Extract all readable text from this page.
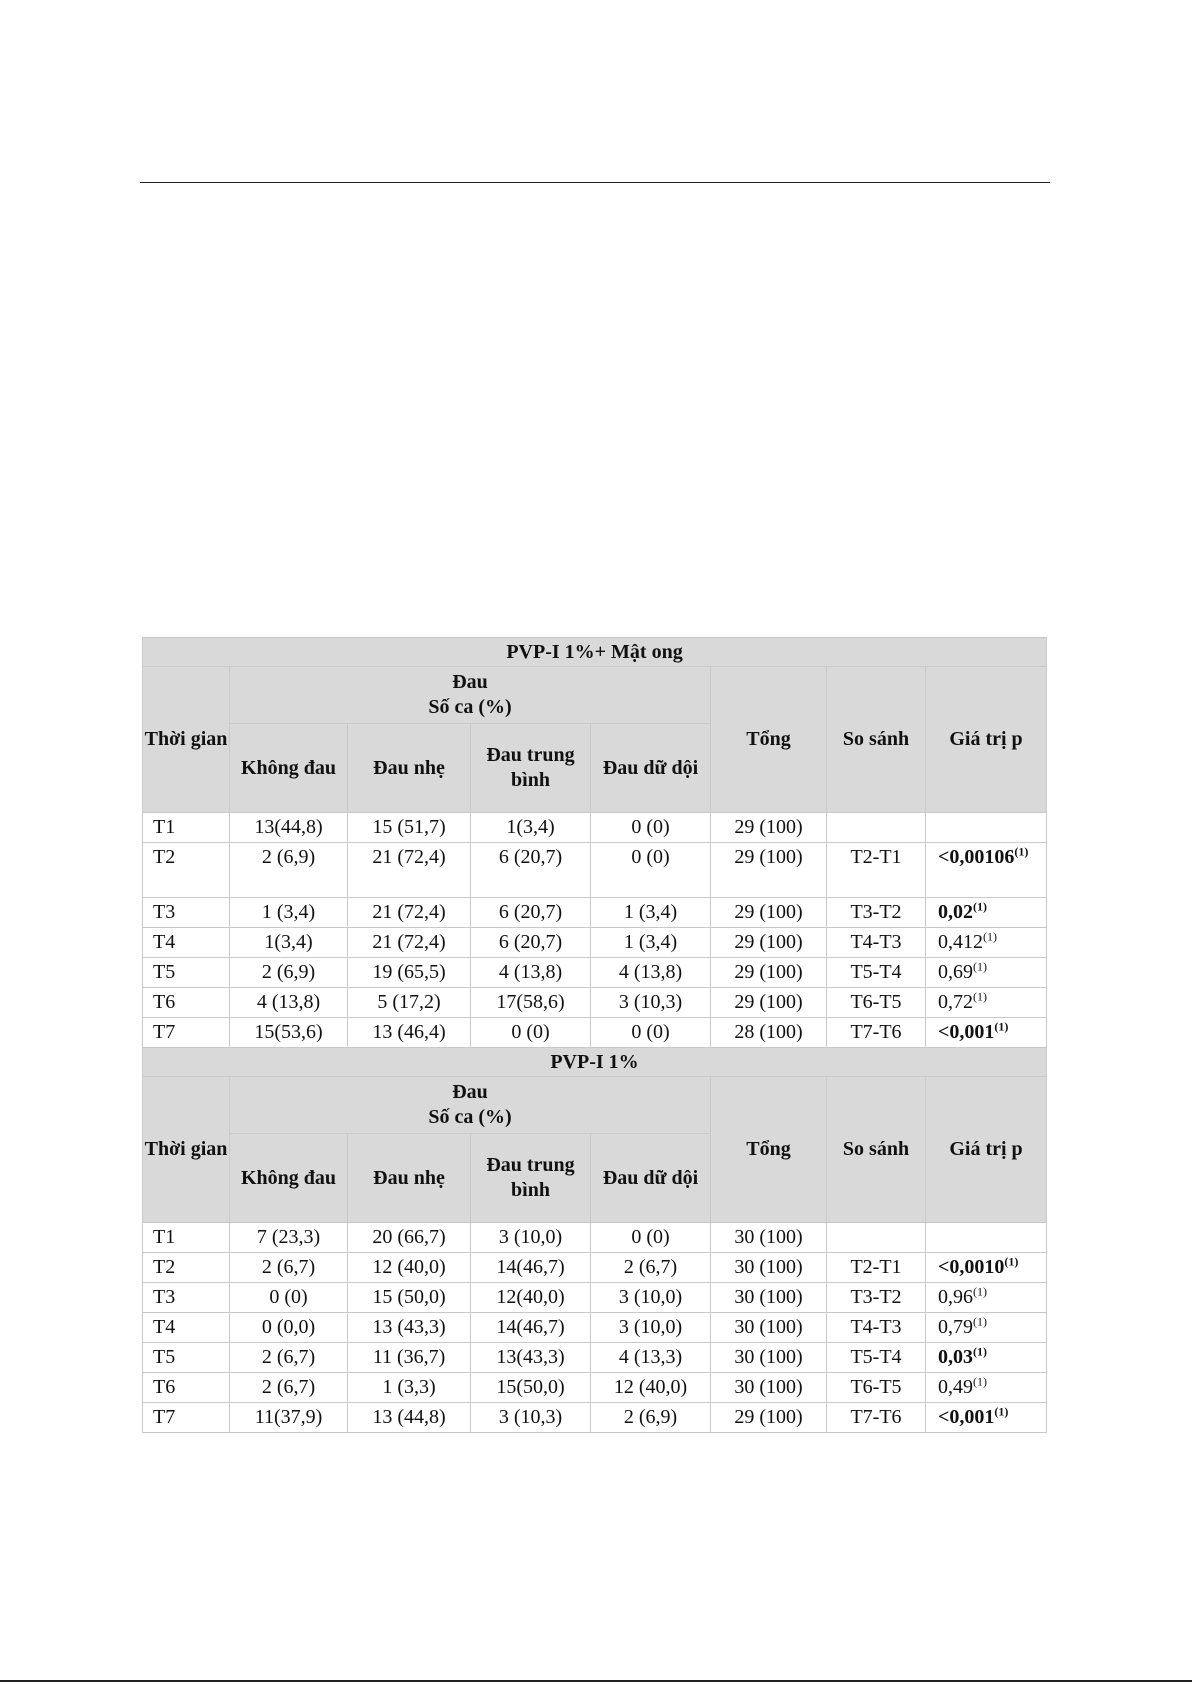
PVP-I 1%+ Mật ong							
Thời gian	Đau
Số ca (%)				Tổng	So sánh	Giá trị p
	Không đau	Đau nhẹ	Đau trung bình	Đau dữ dội			
T1	13(44,8)	15 (51,7)	1(3,4)	0 (0)	29 (100)		
T2	2 (6,9)	21 (72,4)	6 (20,7)	0 (0)	29 (100)	T2-T1	$<0,00106^{(1)}$
T3	1 (3,4)	21 (72,4)	6 (20,7)	1 (3,4)	29 (100)	T3-T2	0,02$^{(1)}$
T4	1(3,4)	21 (72,4)	6 (20,7)	1 (3,4)	29 (100)	T4-T3	0,412$^{(1)}$
T5	2 (6,9)	19 (65,5)	4 (13,8)	4 (13,8)	29 (100)	T5-T4	0,69$^{(1)}$
T6	4 (13,8)	5 (17,2)	17(58,6)	3 (10,3)	29 (100)	T6-T5	0,72$^{(1)}$
T7	15(53,6)	13 (46,4)	0 (0)	0 (0)	28 (100)	T7-T6	$<0,001^{(1)}$
PVP-I 1%							
Thời gian	Đau
Số ca (%)				Tổng	So sánh	Giá trị p
	Không đau	Đau nhẹ	Đau trung bình	Đau dữ dội			
T1	7 (23,3)	20 (66,7)	3 (10,0)	0 (0)	30 (100)		
T2	2 (6,7)	12 (40,0)	14(46,7)	2 (6,7)	30 (100)	T2-T1	$<0,0010^{(1)}$
T3	0 (0)	15 (50,0)	12(40,0)	3 (10,0)	30 (100)	T3-T2	0,96$^{(1)}$
T4	0 (0,0)	13 (43,3)	14(46,7)	3 (10,0)	30 (100)	T4-T3	0,79$^{(1)}$
T5	2 (6,7)	11 (36,7)	13(43,3)	4 (13,3)	30 (100)	T5-T4	0,03$^{(1)}$
T6	2 (6,7)	1 (3,3)	15(50,0)	12 (40,0)	30 (100)	T6-T5	0,49$^{(1)}$
T7	11(37,9)	13 (44,8)	3 (10,3)	2 (6,9)	29 (100)	T7-T6	$<0,001^{(1)}$
